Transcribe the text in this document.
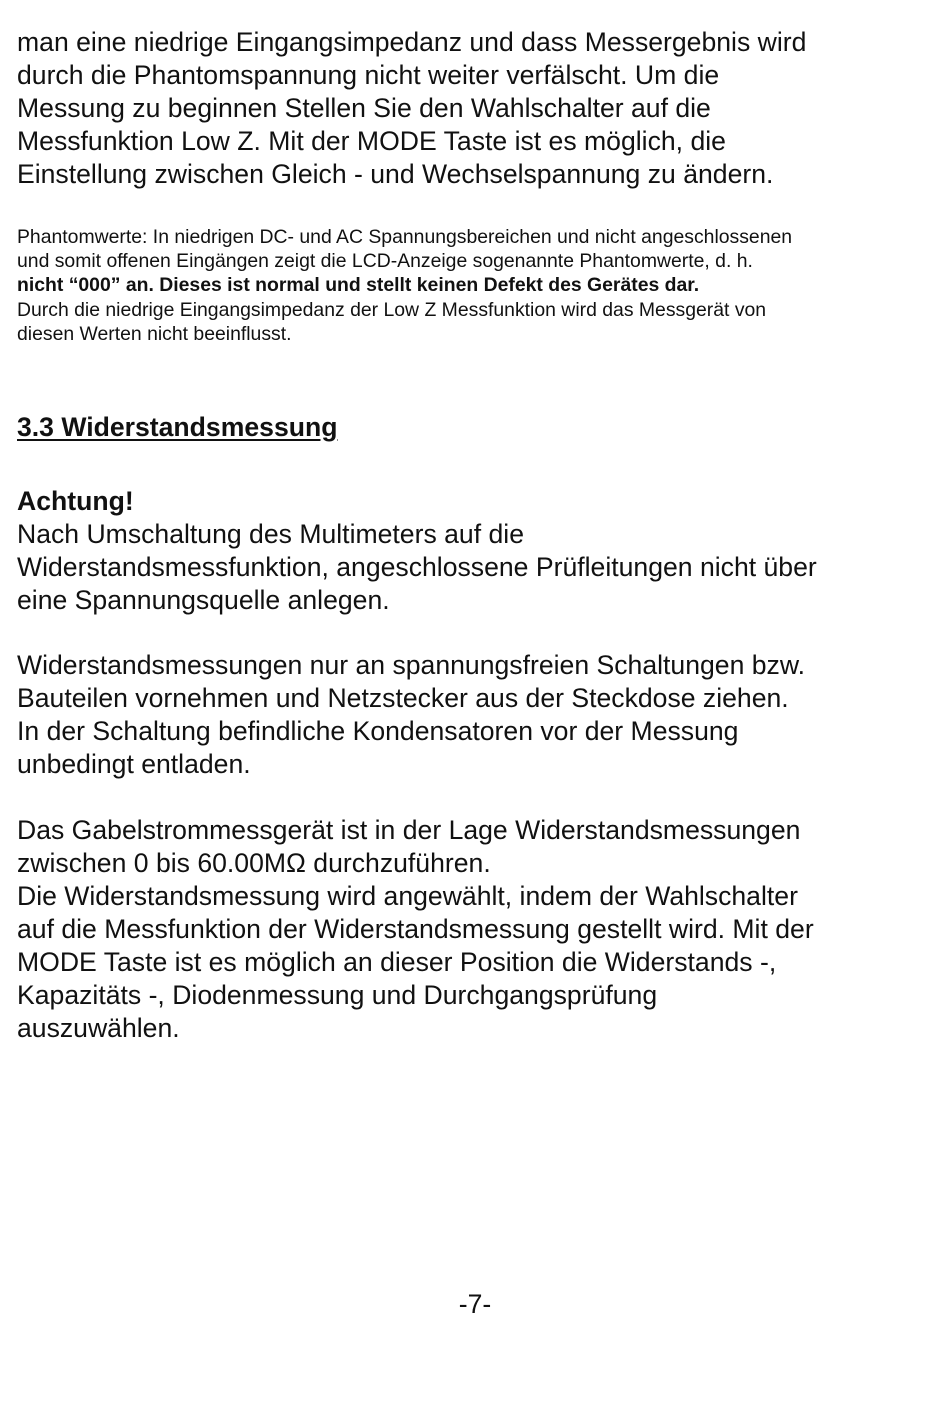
man eine niedrige Eingangsimpedanz und dass Messergebnis wird
durch die Phantomspannung nicht weiter verfälscht. Um die
Messung zu beginnen Stellen Sie den Wahlschalter auf die
Messfunktion Low Z. Mit der MODE Taste ist es möglich, die
Einstellung zwischen Gleich - und Wechselspannung zu ändern.
Phantomwerte: In niedrigen DC- und AC Spannungsbereichen und nicht angeschlossenen
und somit offenen Eingängen zeigt die LCD-Anzeige sogenannte Phantomwerte, d. h.
nicht “000” an. Dieses ist normal und stellt keinen Defekt des Gerätes dar.
Durch die niedrige Eingangsimpedanz der Low Z Messfunktion wird das Messgerät von
diesen Werten nicht beeinflusst.
3.3 Widerstandsmessung
Achtung!
Nach Umschaltung des Multimeters auf die
Widerstandsmessfunktion, angeschlossene Prüfleitungen nicht über
eine Spannungsquelle anlegen.
Widerstandsmessungen nur an spannungsfreien Schaltungen bzw.
Bauteilen vornehmen und Netzstecker aus der Steckdose ziehen.
In der Schaltung befindliche Kondensatoren vor der Messung
unbedingt entladen.
Das Gabelstrommessgerät ist in der Lage Widerstandsmessungen
zwischen 0 bis 60.00MΩ durchzuführen.
Die Widerstandsmessung wird angewählt, indem der Wahlschalter
auf die Messfunktion der Widerstandsmessung gestellt wird. Mit der
MODE Taste ist es möglich an dieser Position die Widerstands -,
Kapazitäts -, Diodenmessung und Durchgangsprüfung
auszuwählen.

-7-
